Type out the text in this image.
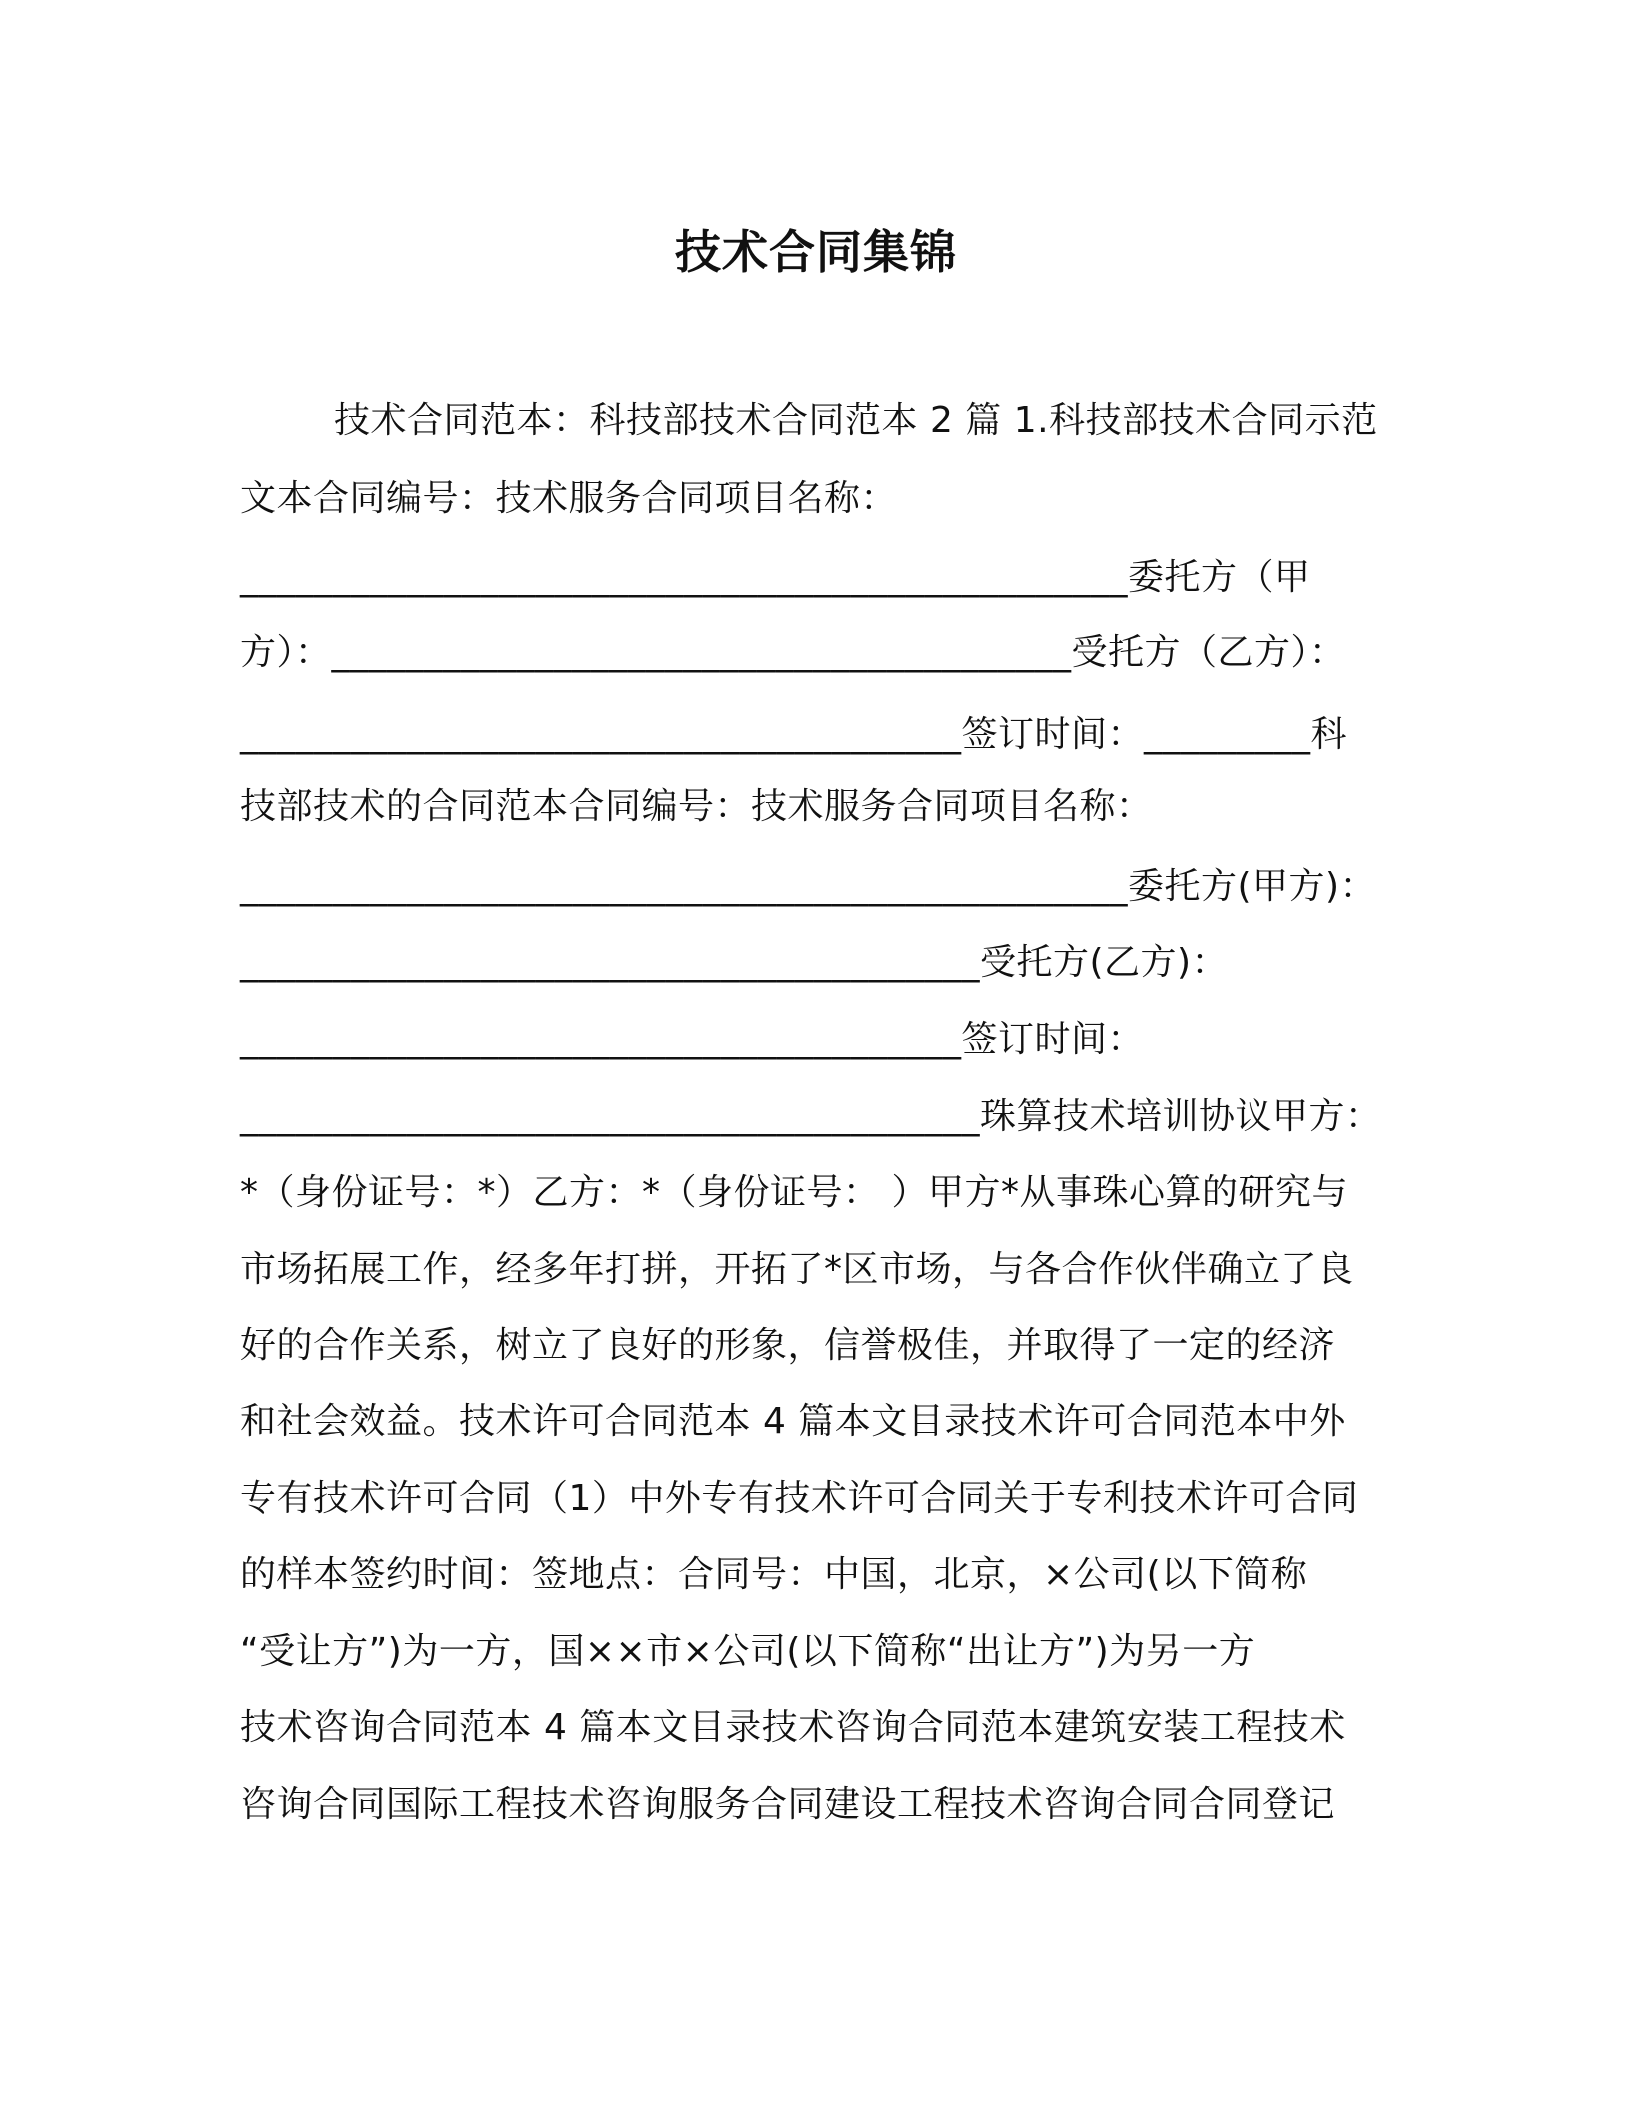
技术合同集锦
技术合同范本：科技部技术合同范本 2 篇 1.科技部技术合同示范
文本合同编号：技术服务合同项目名称：
________________________________________________委托方（甲
方）：________________________________________受托方（乙方）：
_______________________________________签订时间：_________科
技部技术的合同范本合同编号：技术服务合同项目名称：
________________________________________________委托方(甲方)：
________________________________________受托方(乙方)：
_______________________________________签订时间：
________________________________________珠算技术培训协议甲方：
*（身份证号：*）乙方：*（身份证号： ）甲方*从事珠心算的研究与
市场拓展工作，经多年打拼，开拓了*区市场，与各合作伙伴确立了良
好的合作关系，树立了良好的形象，信誉极佳，并取得了一定的经济
和社会效益。技术许可合同范本 4 篇本文目录技术许可合同范本中外
专有技术许可合同（1）中外专有技术许可合同关于专利技术许可合同
的样本签约时间：签地点：合同号：中国，北京，×公司(以下简称
“受让方”)为一方，国××市×公司(以下简称“出让方”)为另一方
技术咨询合同范本 4 篇本文目录技术咨询合同范本建筑安装工程技术
咨询合同国际工程技术咨询服务合同建设工程技术咨询合同合同登记
